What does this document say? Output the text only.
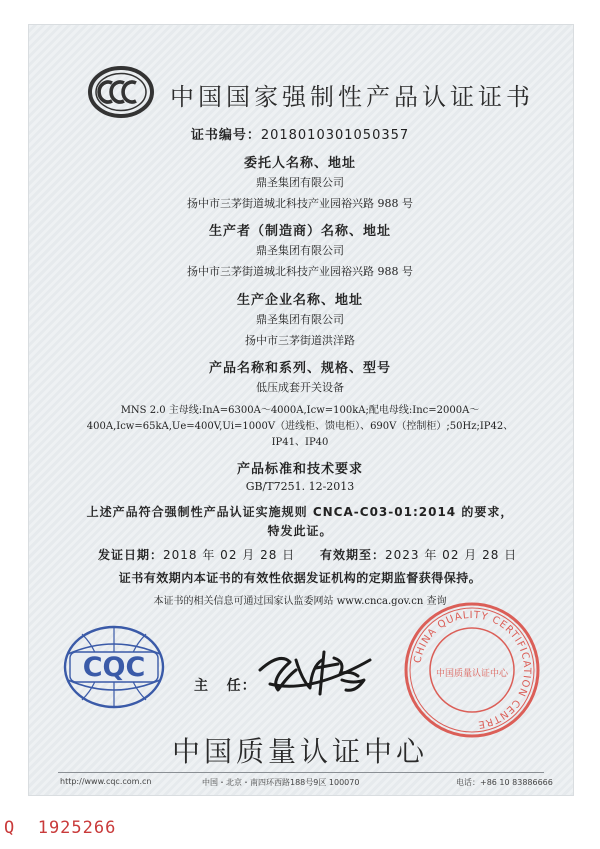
中国国家强制性产品认证证书
证书编号：2018010301050357
委托人名称、地址
鼎圣集团有限公司
扬中市三茅街道城北科技产业园裕兴路 988 号
生产者（制造商）名称、地址
鼎圣集团有限公司
扬中市三茅街道城北科技产业园裕兴路 988 号
生产企业名称、地址
鼎圣集团有限公司
扬中市三茅街道洪洋路
产品名称和系列、规格、型号
低压成套开关设备
MNS 2.0 主母线:InA=6300A～4000A,Icw=100kA;配电母线:Inc=2000A～
400A,Icw=65kA,Ue=400V,Ui=1000V（进线柜、馈电柜）、690V（控制柜）;50Hz;IP42、
IP41、IP40
产品标准和技术要求
GB/T7251. 12-2013
上述产品符合强制性产品认证实施规则 CNCA-C03-01:2014 的要求，
特发此证。
发证日期：2018 年 02 月 28 日 有效期至：2023 年 02 月 28 日
证书有效期内本证书的有效性依据发证机构的定期监督获得保持。
本证书的相关信息可通过国家认监委网站 www.cnca.gov.cn 查询
CQC
主   任：
CHINA QUALITY CERTIFICATION CENTRE
中国质量认证中心
中国质量认证中心
http://www.cqc.com.cn	中国・北京・南四环西路188号9区 100070	电话：+86 10 83886666
Q  1925266
